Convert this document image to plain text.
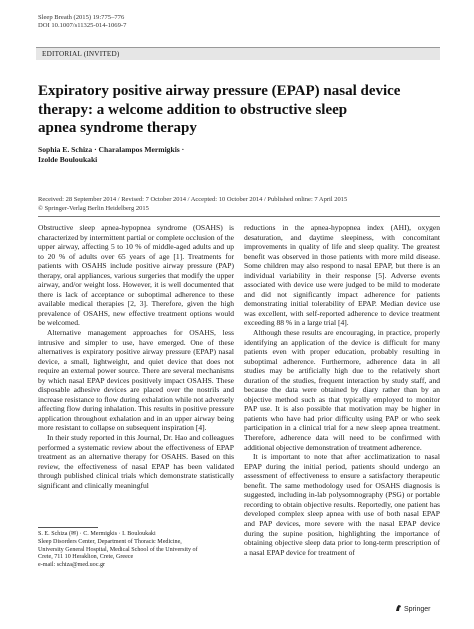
Sleep Breath (2015) 19:775–776
DOI 10.1007/s11325-014-1069-7
EDITORIAL (INVITED)
Expiratory positive airway pressure (EPAP) nasal device
therapy: a welcome addition to obstructive sleep
apnea syndrome therapy
Sophia E. Schiza · Charalampos Mermigkis ·
Izolde Bouloukaki
Received: 28 September 2014 / Revised: 7 October 2014 / Accepted: 10 October 2014 / Published online: 7 April 2015
© Springer-Verlag Berlin Heidelberg 2015

Obstructive sleep apnea-hypopnea syndrome (OSAHS) is characterized by intermittent partial or complete occlusion of the upper airway, affecting 5 to 10 % of middle-aged adults and up to 20 % of adults over 65 years of age [1]. Treatments for patients with OSAHS include positive airway pressure (PAP) therapy, oral appliances, various surgeries that modify the upper airway, and/or weight loss. However, it is well documented that there is lack of acceptance or suboptimal adherence to these available medical therapies [2, 3]. Therefore, given the high prevalence of OSAHS, new effective treatment options would be welcomed.

Alternative management approaches for OSAHS, less intrusive and simpler to use, have emerged. One of these alternatives is expiratory positive airway pressure (EPAP) nasal device, a small, lightweight, and quiet device that does not require an external power source. There are several mechanisms by which nasal EPAP devices positively impact OSAHS. These disposable adhesive devices are placed over the nostrils and increase resistance to flow during exhalation while not adversely affecting flow during inhalation. This results in positive pressure application throughout exhalation and in an upper airway being more resistant to collapse on subsequent inspiration [4].

In their study reported in this Journal, Dr. Hao and colleagues performed a systematic review about the effectiveness of EPAP treatment as an alternative therapy for OSAHS. Based on this review, the effectiveness of nasal EPAP has been validated through published clinical trials which demonstrate statistically significant and clinically meaningful

reductions in the apnea-hypopnea index (AHI), oxygen desaturation, and daytime sleepiness, with concomitant improvements in quality of life and sleep quality. The greatest benefit was observed in those patients with more mild disease. Some children may also respond to nasal EPAP, but there is an individual variability in their response [5]. Adverse events associated with device use were judged to be mild to moderate and did not significantly impact adherence for patients demonstrating initial tolerability of EPAP. Median device use was excellent, with self-reported adherence to device treatment exceeding 88 % in a large trial [4].

Although these results are encouraging, in practice, properly identifying an application of the device is difficult for many patients even with proper education, probably resulting in suboptimal adherence. Furthermore, adherence data in all studies may be artificially high due to the relatively short duration of the studies, frequent interaction by study staff, and because the data were obtained by diary rather than by an objective method such as that typically employed to monitor PAP use. It is also possible that motivation may be higher in patients who have had prior difficulty using PAP or who seek participation in a clinical trial for a new sleep apnea treatment. Therefore, adherence data will need to be confirmed with additional objective demonstration of treatment adherence.

It is important to note that after acclimatization to nasal EPAP during the initial period, patients should undergo an assessment of effectiveness to ensure a satisfactory therapeutic benefit. The same methodology used for OSAHS diagnosis is suggested, including in-lab polysomnography (PSG) or portable recording to obtain objective results. Reportedly, one patient has developed complex sleep apnea with use of both nasal EPAP and PAP devices, more severe with the nasal EPAP device during the supine position, highlighting the importance of obtaining objective sleep data prior to long-term prescription of a nasal EPAP device for treatment of

S. E. Schiza (✉) · C. Mermigkis · I. Bouloukaki
Sleep Disorders Center, Department of Thoracic Medicine,
University General Hospital, Medical School of the University of
Crete, 711 10 Heraklion, Crete, Greece
e-mail: schiza@med.uoc.gr
Springer
